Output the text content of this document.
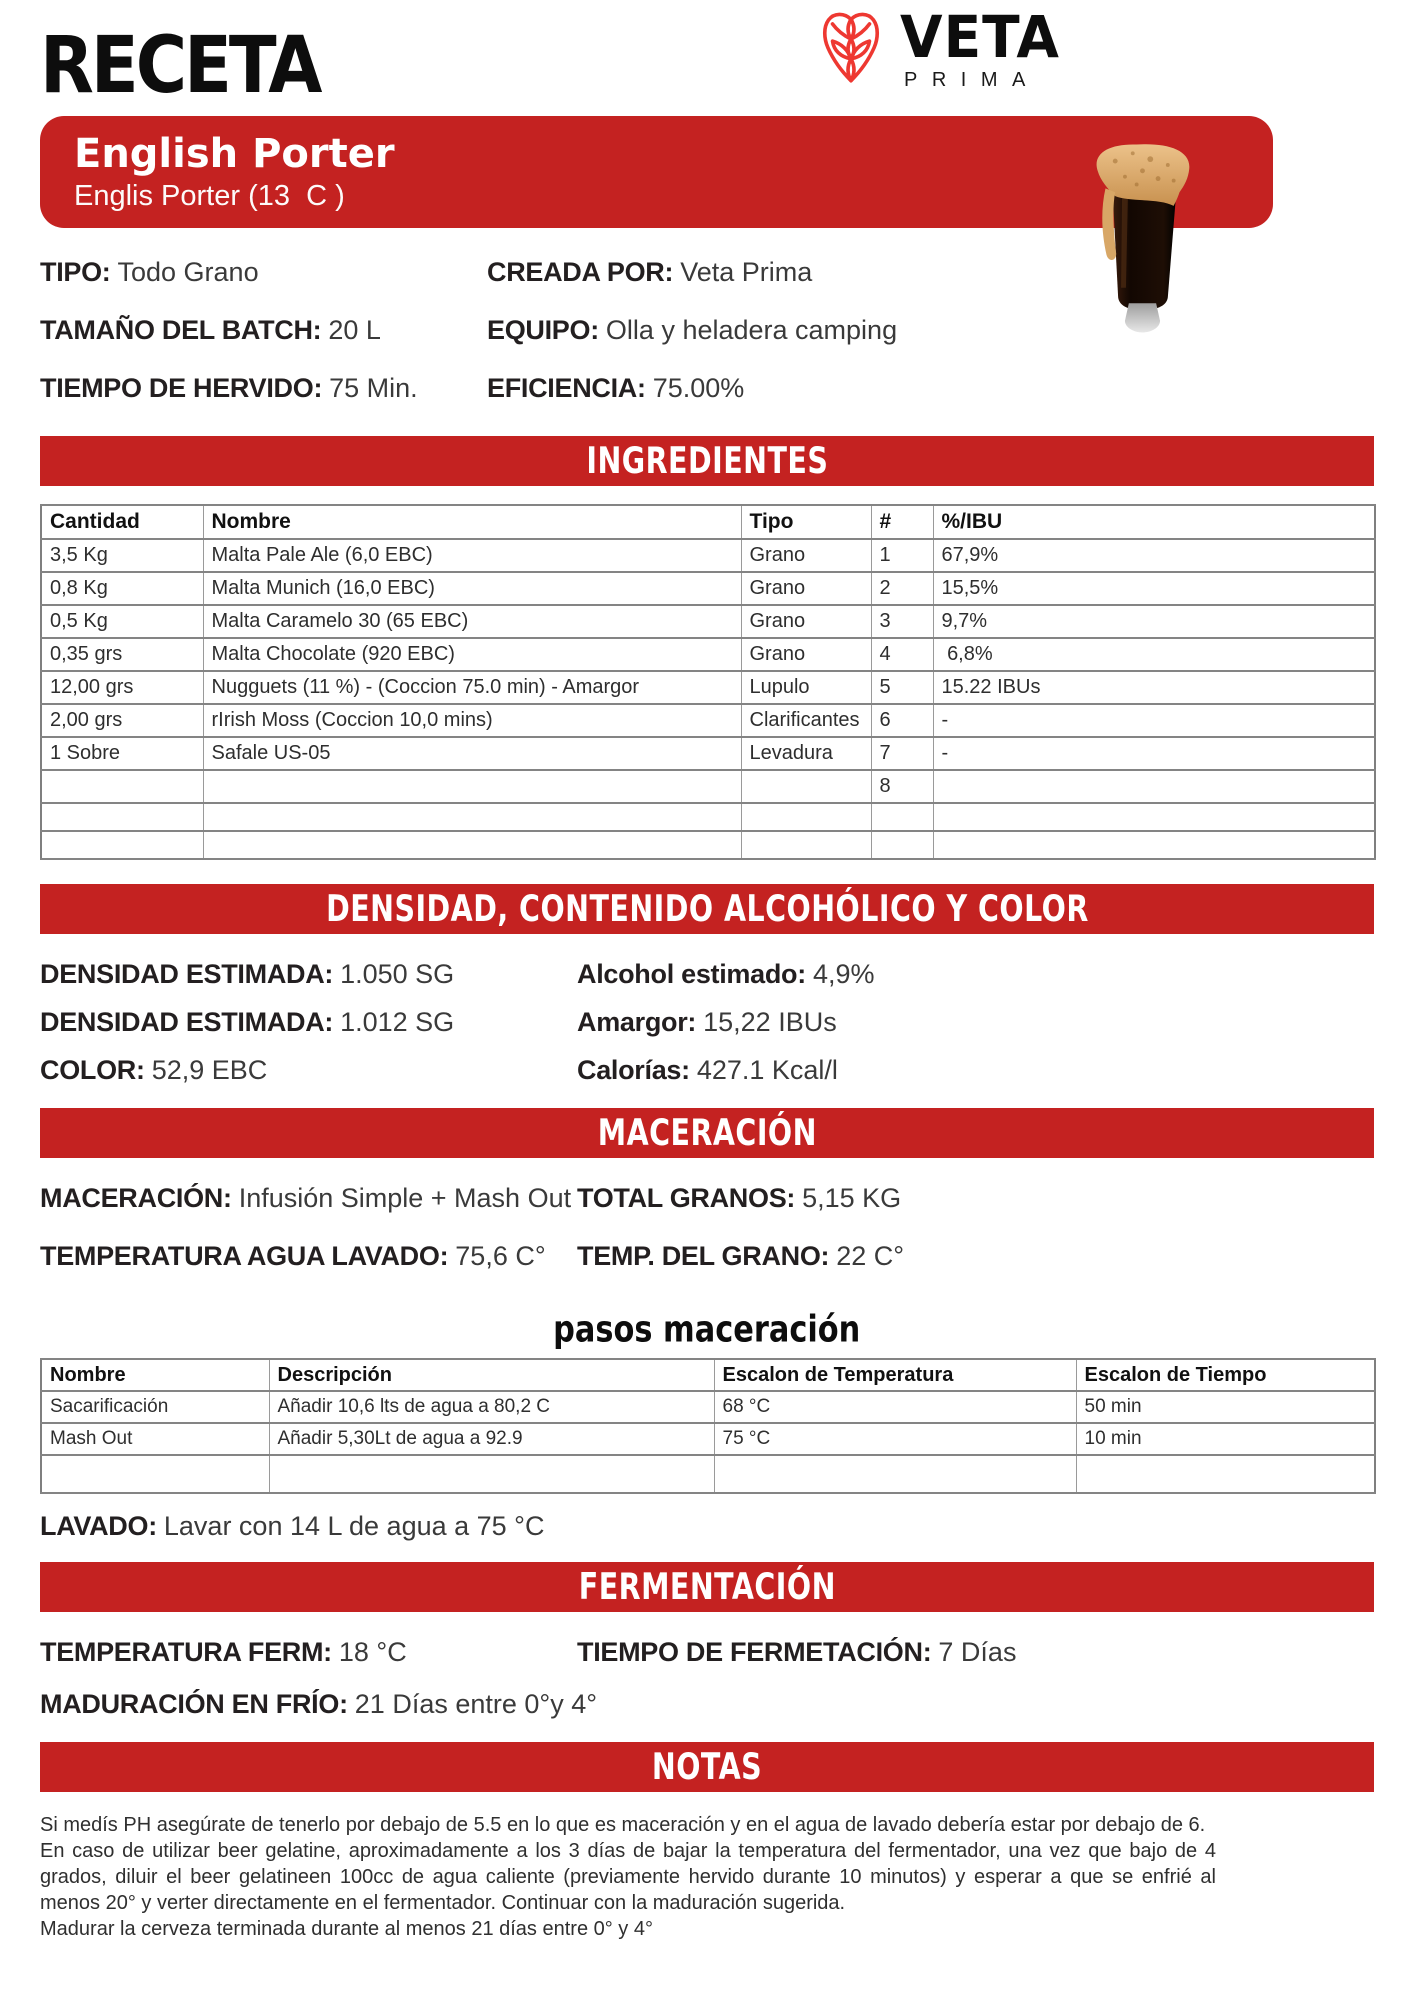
RECETA	VETA
PRIMA
English Porter
Englis Porter (13  C )
TIPO: Todo Grano
TAMAÑO DEL BATCH: 20 L
TIEMPO DE HERVIDO: 75 Min.
CREADA POR: Veta Prima
EQUIPO: Olla y heladera camping
EFICIENCIA: 75.00%
INGREDIENTES
Cantidad	Nombre	Tipo	#	%/IBU
3,5 Kg	Malta Pale Ale (6,0 EBC)	Grano	1	67,9%
0,8 Kg	Malta Munich (16,0 EBC)	Grano	2	15,5%
0,5 Kg	Malta Caramelo 30 (65 EBC)	Grano	3	9,7%
0,35 grs	Malta Chocolate (920 EBC)	Grano	4	6,8%
12,00 grs	Nugguets (11 %) - (Coccion 75.0 min) - Amargor	Lupulo	5	15.22 IBUs
2,00 grs	rIrish Moss (Coccion 10,0 mins)	Clarificantes	6	-
1 Sobre	Safale US-05	Levadura	7	-
			8	

DENSIDAD, CONTENIDO ALCOHÓLICO Y COLOR
DENSIDAD ESTIMADA: 1.050 SG
DENSIDAD ESTIMADA: 1.012 SG
COLOR: 52,9 EBC
Alcohol estimado: 4,9%
Amargor: 15,22 IBUs
Calorías: 427.1 Kcal/l
MACERACIÓN
MACERACIÓN: Infusión Simple + Mash Out
TEMPERATURA AGUA LAVADO: 75,6 C°
TOTAL GRANOS: 5,15 KG
TEMP. DEL GRANO: 22 C°
pasos maceración
Nombre	Descripción	Escalon de Temperatura	Escalon de Tiempo
Sacarificación	Añadir 10,6 lts de agua a 80,2 C	68 °C	50 min
Mash Out	Añadir 5,30Lt de agua a 92.9	75 °C	10 min

LAVADO: Lavar con 14 L de agua a 75 °C
FERMENTACIÓN
TEMPERATURA FERM: 18 °C	TIEMPO DE FERMETACIÓN: 7 Días
MADURACIÓN EN FRÍO: 21 Días entre 0°y 4°
NOTAS

Si medís PH asegúrate de tenerlo por debajo de 5.5 en lo que es maceración y en el agua de lavado debería estar por debajo de 6.

En caso de utilizar beer gelatine, aproximadamente a los 3 días de bajar la temperatura del fermentador, una vez que bajo de 4 grados, diluir el beer gelatineen 100cc de agua caliente (previamente hervido durante 10 minutos) y esperar a que se enfrié al menos 20° y verter directamente en el fermentador. Continuar con la maduración sugerida.

Madurar la cerveza terminada durante al menos 21 días entre 0° y 4°
